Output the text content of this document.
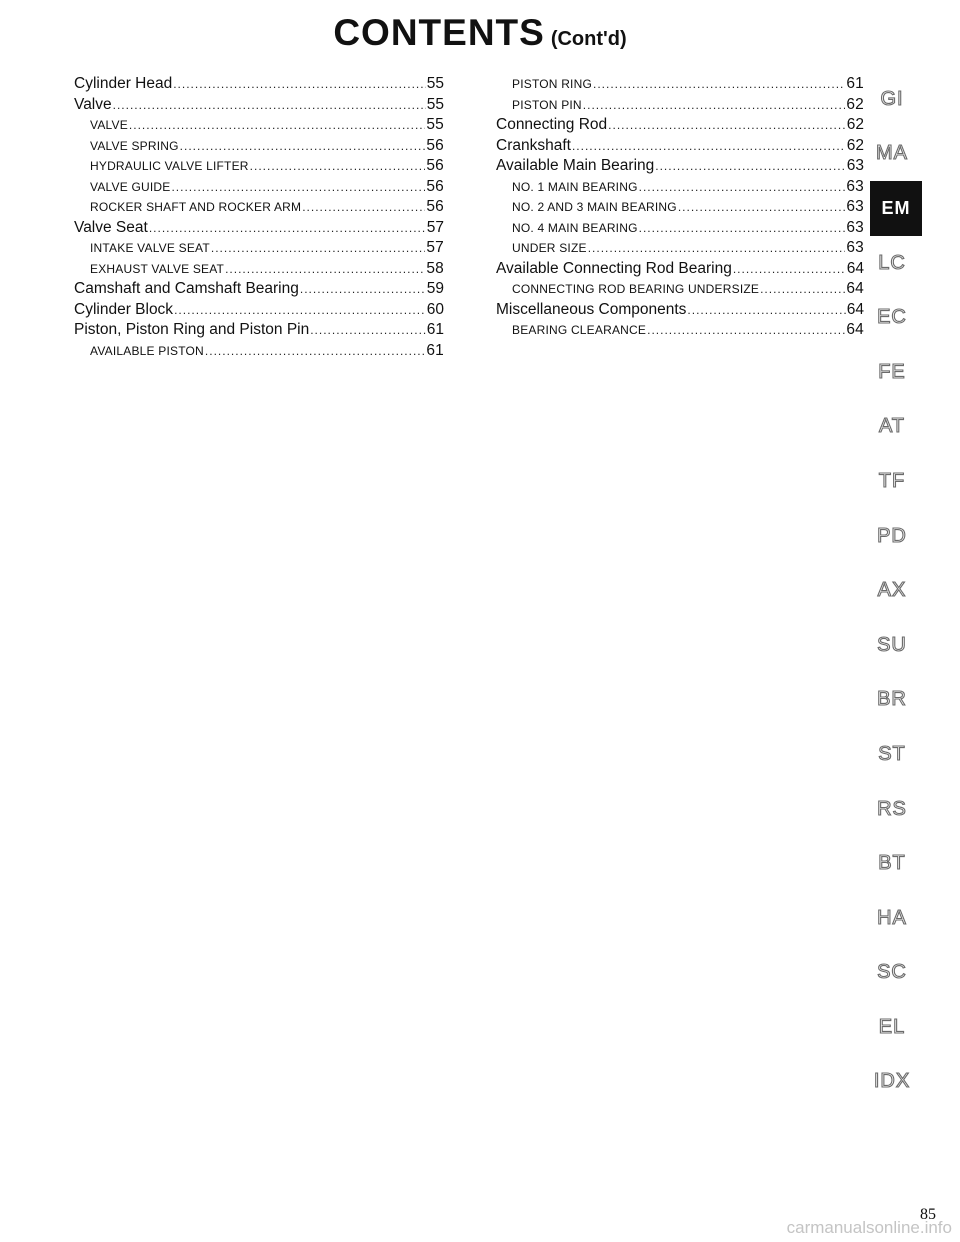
CONTENTS (Cont'd)
Cylinder Head .....	55
Valve .....	55
VALVE .....	55
VALVE SPRING .....	56
HYDRAULIC VALVE LIFTER .....	56
VALVE GUIDE .....	56
ROCKER SHAFT AND ROCKER ARM .....	56
Valve Seat .....	57
INTAKE VALVE SEAT .....	57
EXHAUST VALVE SEAT .....	58
Camshaft and Camshaft Bearing .....	59
Cylinder Block .....	60
Piston, Piston Ring and Piston Pin .....	61
AVAILABLE PISTON .....	61
PISTON RING .....	61
PISTON PIN .....	62
Connecting Rod .....	62
Crankshaft .....	62
Available Main Bearing .....	63
NO. 1 MAIN BEARING .....	63
NO. 2 AND 3 MAIN BEARING .....	63
NO. 4 MAIN BEARING .....	63
UNDER SIZE .....	63
Available Connecting Rod Bearing .....	64
CONNECTING ROD BEARING UNDERSIZE .....	64
Miscellaneous Components .....	64
BEARING CLEARANCE .....	64
GI
MA
EM
LC
EC
FE
AT
TF
PD
AX
SU
BR
ST
RS
BT
HA
SC
EL
IDX
85
carmanualsonline.info
